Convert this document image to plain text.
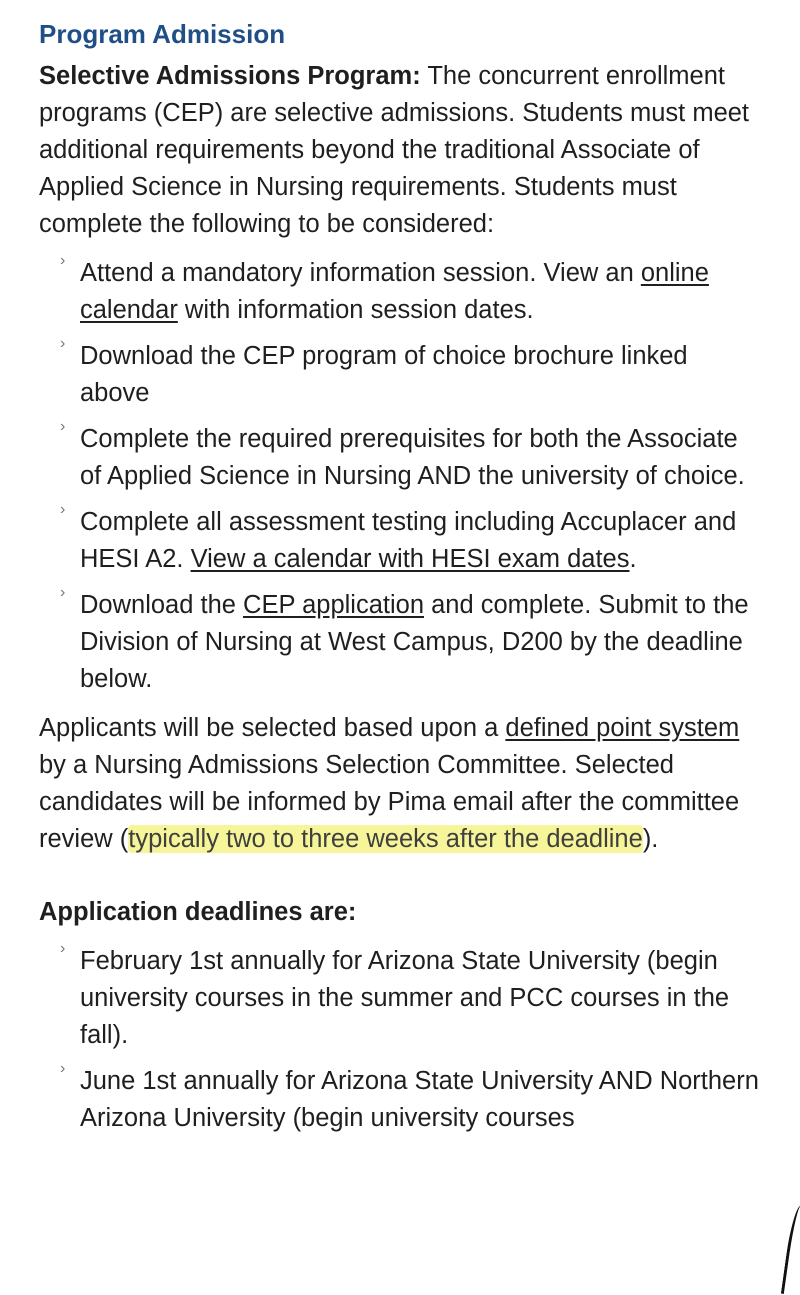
Program Admission

Selective Admissions Program: The concurrent enrollment programs (CEP) are selective admissions. Students must meet additional requirements beyond the traditional Associate of Applied Science in Nursing requirements. Students must complete the following to be considered:

› Attend a mandatory information session. View an online calendar with information session dates.
› Download the CEP program of choice brochure linked above
› Complete the required prerequisites for both the Associate of Applied Science in Nursing AND the university of choice.
› Complete all assessment testing including Accuplacer and HESI A2. View a calendar with HESI exam dates.
› Download the CEP application and complete. Submit to the Division of Nursing at West Campus, D200 by the deadline below.

Applicants will be selected based upon a defined point system by a Nursing Admissions Selection Committee. Selected candidates will be informed by Pima email after the committee review (typically two to three weeks after the deadline).

Application deadlines are:

› February 1st annually for Arizona State University (begin university courses in the summer and PCC courses in the fall).
› June 1st annually for Arizona State University AND Northern Arizona University (begin university courses
